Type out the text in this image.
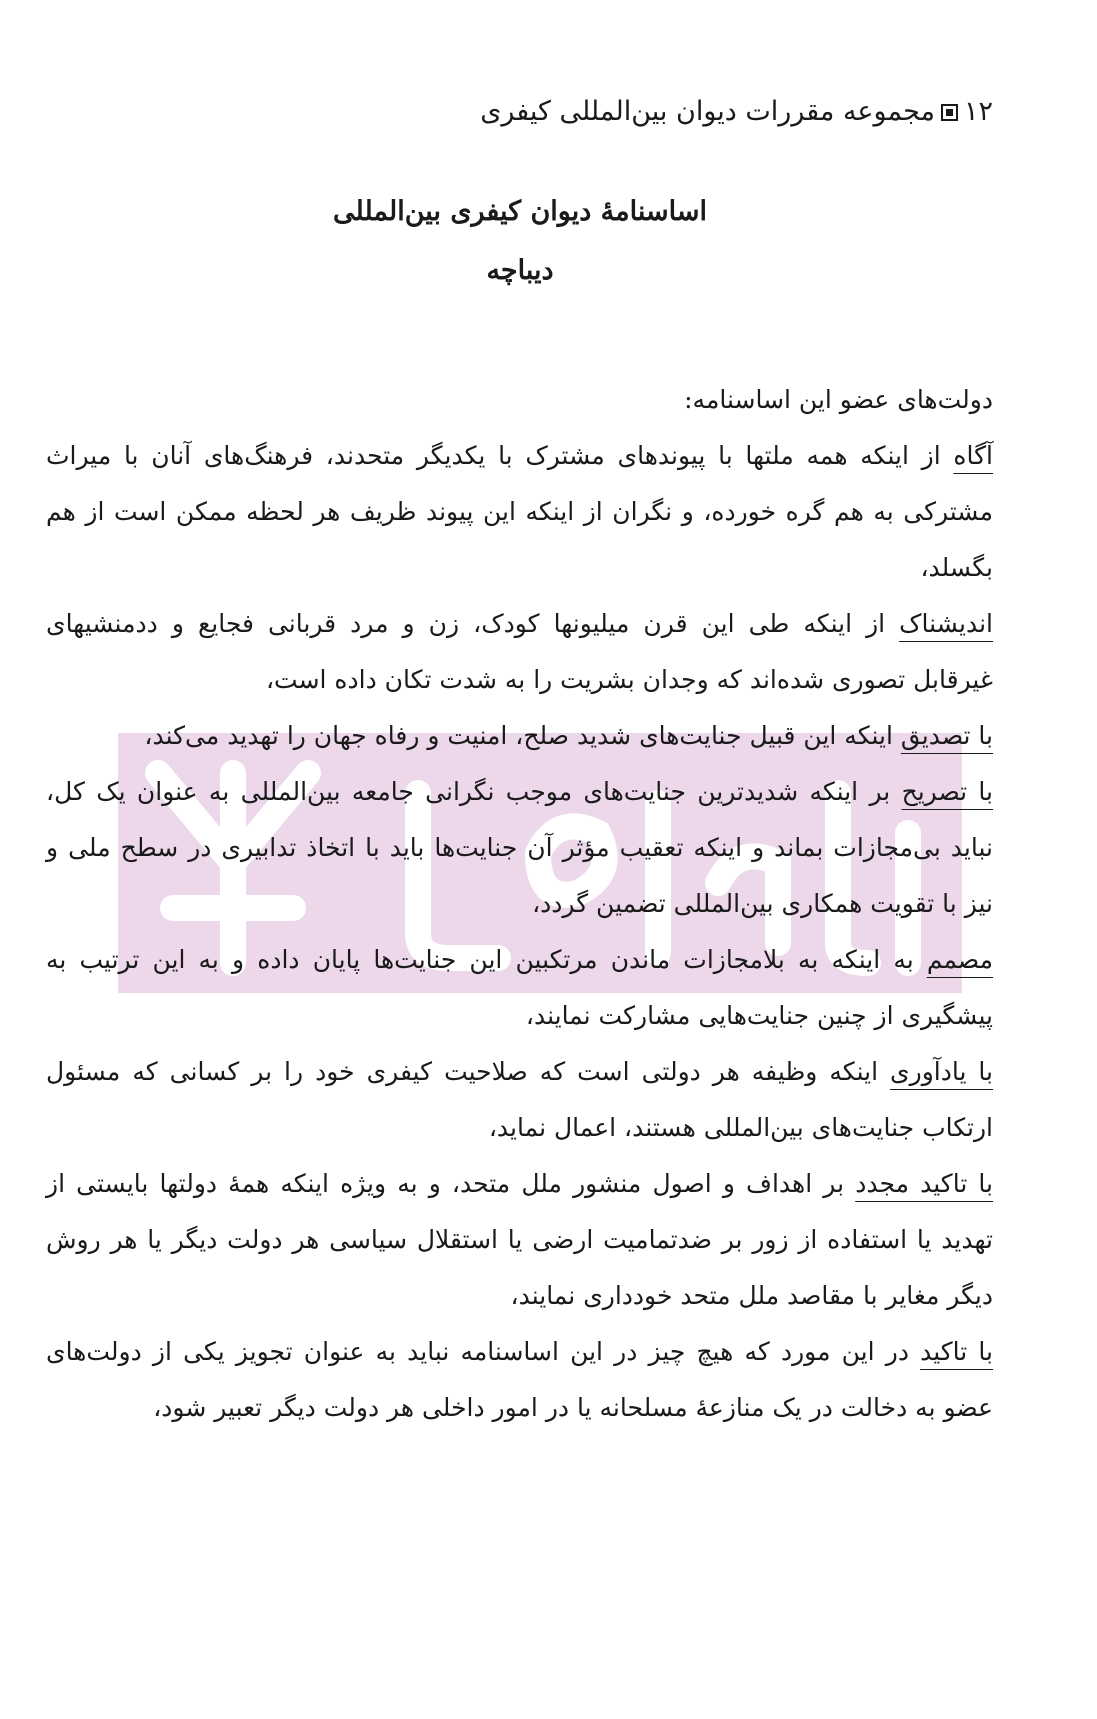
۱۲مجموعه مقررات دیوان بین‌المللی کیفری
اساسنامهٔ دیوان کیفری بین‌المللی
دیباچه

دولت‌های عضو این اساسنامه:

آگاه از اینکه همه ملتها با پیوندهای مشترک با یکدیگر متحدند، فرهنگ‌های آنان با میراث مشترکی به هم گره خورده، و نگران از اینکه این پیوند ظریف هر لحظه ممکن است از هم بگسلد،

اندیشناک از اینکه طی این قرن میلیونها کودک، زن و مرد قربانی فجایع و ددمنشیهای غیرقابل تصوری شده‌اند که وجدان بشریت را به شدت تکان داده است،

با تصدیق اینکه این قبیل جنایت‌های شدید صلح، امنیت و رفاه جهان را تهدید می‌کند،

با تصریح بر اینکه شدیدترین جنایت‌های موجب نگرانی جامعه بین‌المللی به عنوان یک کل، نباید بی‌مجازات بماند و اینکه تعقیب مؤثر آن جنایت‌ها باید با اتخاذ تدابیری در سطح ملی و نیز با تقویت همکاری بین‌المللی تضمین گردد،

مصمم به اینکه به بلامجازات ماندن مرتکبین این جنایت‌ها پایان داده و به این ترتیب به پیشگیری از چنین جنایت‌هایی مشارکت نمایند،

با یادآوری اینکه وظیفه هر دولتی است که صلاحیت کیفری خود را بر کسانی که مسئول ارتکاب جنایت‌های بین‌المللی هستند، اعمال نماید،

با تاکید مجدد بر اهداف و اصول منشور ملل متحد، و به ویژه اینکه همهٔ دولتها بایستی از تهدید یا استفاده از زور بر ضدتمامیت ارضی یا استقلال سیاسی هر دولت دیگر یا هر روش دیگر مغایر با مقاصد ملل متحد خودداری نمایند،

با تاکید در این مورد که هیچ چیز در این اساسنامه نباید به عنوان تجویز یکی از دولت‌های عضو به دخالت در یک منازعهٔ مسلحانه یا در امور داخلی هر دولت دیگر تعبیر شود،
